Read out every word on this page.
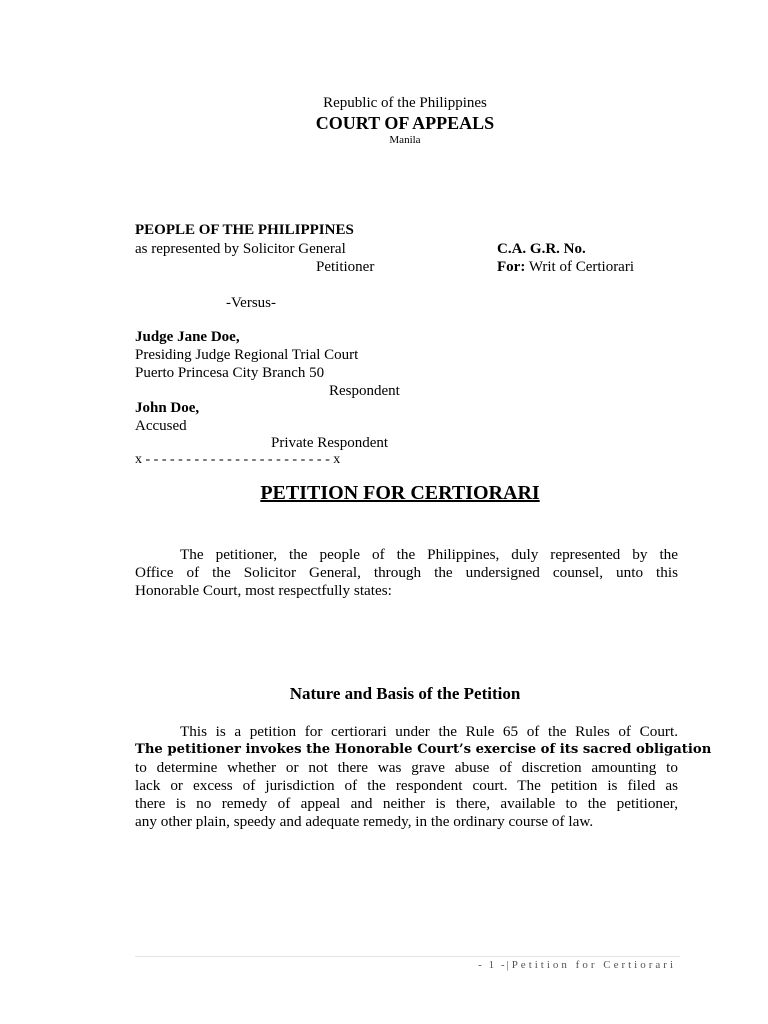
Republic of the Philippines
COURT OF APPEALS
Manila
PEOPLE OF THE PHILIPPINES
as represented by Solicitor General
Petitioner
C.A. G.R. No.
For: Writ of Certiorari
-Versus-
Judge Jane Doe,
Presiding Judge Regional Trial Court
Puerto Princesa City Branch 50
Respondent
John Doe,
Accused
Private Respondent
x - - - - - - - - - - - - - - - - - - - - - - - x
PETITION FOR CERTIORARI
The petitioner, the people of the Philippines, duly represented by the
Office of the Solicitor General, through the undersigned counsel, unto this
Honorable Court, most respectfully states:
Nature and Basis of the Petition
This is a petition for certiorari under the Rule 65 of the Rules of Court.
The petitioner invokes the Honorable Court’s exercise of its sacred obligation
to determine whether or not there was grave abuse of discretion amounting to
lack or excess of jurisdiction of the respondent court. The petition is filed as
there is no remedy of appeal and neither is there, available to the petitioner,
any other plain, speedy and adequate remedy, in the ordinary course of law.
- 1 -|Petition for Certiorari
